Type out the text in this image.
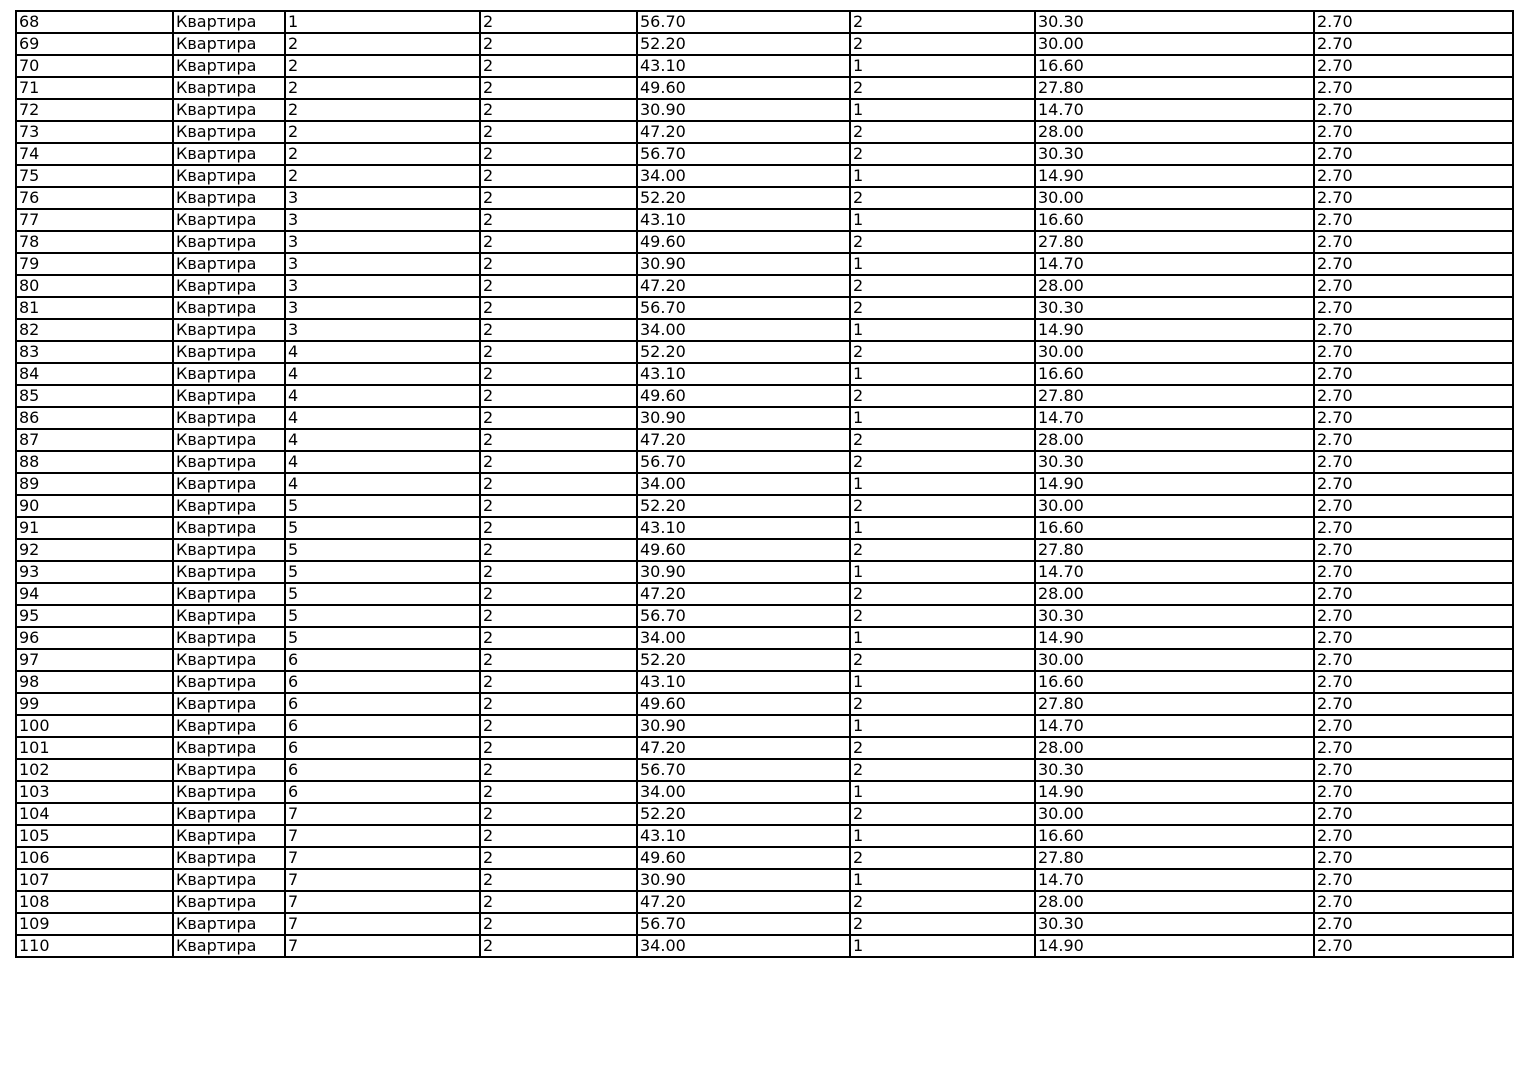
68	Квартира	1	2	56.70	2	30.30	2.70
69	Квартира	2	2	52.20	2	30.00	2.70
70	Квартира	2	2	43.10	1	16.60	2.70
71	Квартира	2	2	49.60	2	27.80	2.70
72	Квартира	2	2	30.90	1	14.70	2.70
73	Квартира	2	2	47.20	2	28.00	2.70
74	Квартира	2	2	56.70	2	30.30	2.70
75	Квартира	2	2	34.00	1	14.90	2.70
76	Квартира	3	2	52.20	2	30.00	2.70
77	Квартира	3	2	43.10	1	16.60	2.70
78	Квартира	3	2	49.60	2	27.80	2.70
79	Квартира	3	2	30.90	1	14.70	2.70
80	Квартира	3	2	47.20	2	28.00	2.70
81	Квартира	3	2	56.70	2	30.30	2.70
82	Квартира	3	2	34.00	1	14.90	2.70
83	Квартира	4	2	52.20	2	30.00	2.70
84	Квартира	4	2	43.10	1	16.60	2.70
85	Квартира	4	2	49.60	2	27.80	2.70
86	Квартира	4	2	30.90	1	14.70	2.70
87	Квартира	4	2	47.20	2	28.00	2.70
88	Квартира	4	2	56.70	2	30.30	2.70
89	Квартира	4	2	34.00	1	14.90	2.70
90	Квартира	5	2	52.20	2	30.00	2.70
91	Квартира	5	2	43.10	1	16.60	2.70
92	Квартира	5	2	49.60	2	27.80	2.70
93	Квартира	5	2	30.90	1	14.70	2.70
94	Квартира	5	2	47.20	2	28.00	2.70
95	Квартира	5	2	56.70	2	30.30	2.70
96	Квартира	5	2	34.00	1	14.90	2.70
97	Квартира	6	2	52.20	2	30.00	2.70
98	Квартира	6	2	43.10	1	16.60	2.70
99	Квартира	6	2	49.60	2	27.80	2.70
100	Квартира	6	2	30.90	1	14.70	2.70
101	Квартира	6	2	47.20	2	28.00	2.70
102	Квартира	6	2	56.70	2	30.30	2.70
103	Квартира	6	2	34.00	1	14.90	2.70
104	Квартира	7	2	52.20	2	30.00	2.70
105	Квартира	7	2	43.10	1	16.60	2.70
106	Квартира	7	2	49.60	2	27.80	2.70
107	Квартира	7	2	30.90	1	14.70	2.70
108	Квартира	7	2	47.20	2	28.00	2.70
109	Квартира	7	2	56.70	2	30.30	2.70
110	Квартира	7	2	34.00	1	14.90	2.70
